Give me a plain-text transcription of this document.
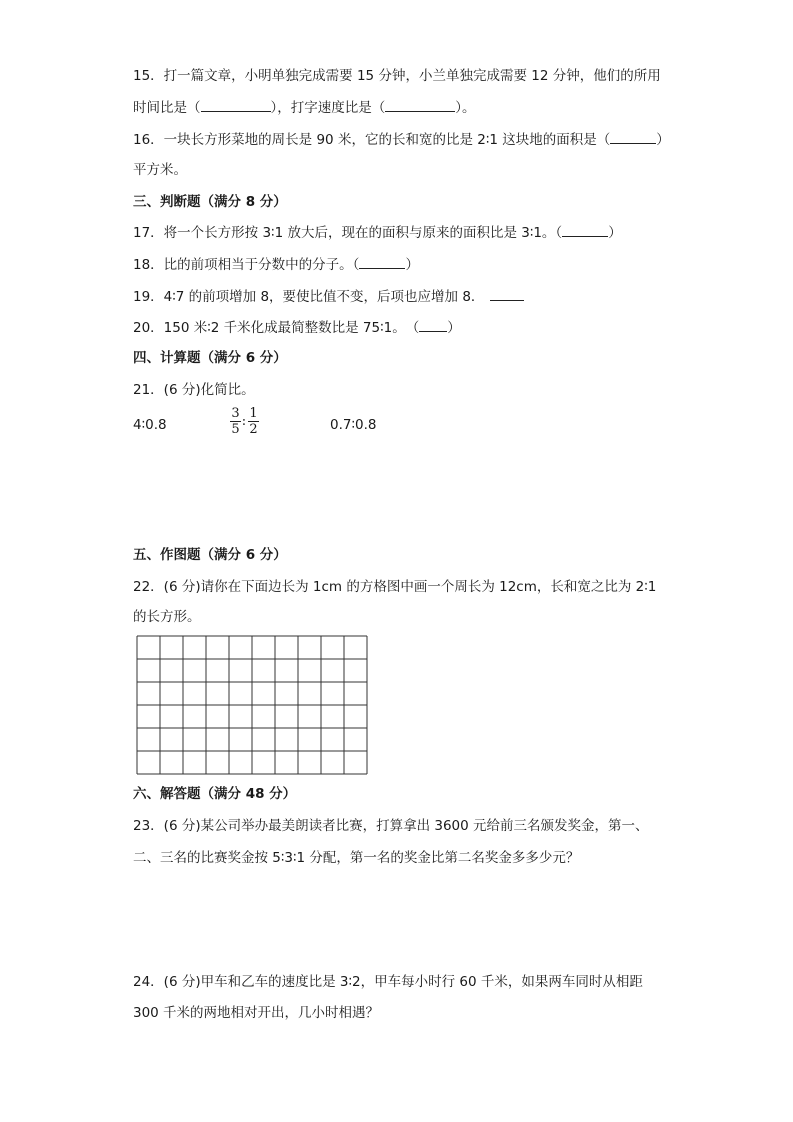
15．打一篇文章，小明单独完成需要 15 分钟，小兰单独完成需要 12 分钟，他们的所用
时间比是（	），打字速度比是（	）。
16．一块长方形菜地的周长是 90 米，它的长和宽的比是 2∶1 这块地的面积是（	）
平方米。
三、判断题（满分 8 分）
17．将一个长方形按 3∶1 放大后，现在的面积与原来的面积比是 3∶1。（	）
18．比的前项相当于分数中的分子。（	）
19．4∶7 的前项增加 8，要使比值不变，后项也应增加 8．
20．150 米∶2 千米化成最简整数比是 75∶1。　（ ）
四、计算题（满分 6 分）
21．(6 分)化简比。
4∶0.8	$\frac{3}{5}$ : $\frac{1}{2}$	0.7∶0.8
五、作图题（满分 6 分）
22．(6 分)请你在下面边长为 1cm 的方格图中画一个周长为 12cm，长和宽之比为 2∶1
的长方形。
六、解答题（满分 48 分）
23．(6 分)某公司举办最美朗读者比赛，打算拿出 3600 元给前三名颁发奖金，第一、
二、三名的比赛奖金按 5∶3∶1 分配，第一名的奖金比第二名奖金多多少元？
24．(6 分)甲车和乙车的速度比是 3∶2，甲车每小时行 60 千米，如果两车同时从相距
300 千米的两地相对开出，几小时相遇？
